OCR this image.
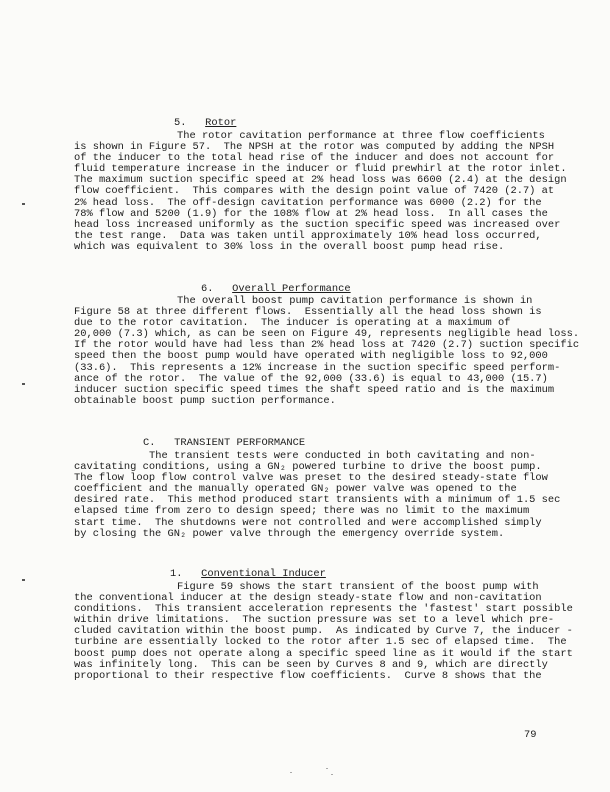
5. Rotor

The rotor cavitation performance at three flow coefficients
is shown in Figure 57.  The NPSH at the rotor was computed by adding the NPSH
of the inducer to the total head rise of the inducer and does not account for
fluid temperature increase in the inducer or fluid prewhirl at the rotor inlet.
The maximum suction specific speed at 2% head loss was 6600 (2.4) at the design
flow coefficient.  This compares with the design point value of 7420 (2.7) at
2% head loss.  The off-design cavitation performance was 6000 (2.2) for the
78% flow and 5200 (1.9) for the 108% flow at 2% head loss.  In all cases the
head loss increased uniformly as the suction specific speed was increased over
the test range.  Data was taken until approximately 10% head loss occurred,
which was equivalent to 30% loss in the overall boost pump head rise.

6. Overall Performance

The overall boost pump cavitation performance is shown in
Figure 58 at three different flows.  Essentially all the head loss shown is
due to the rotor cavitation.  The inducer is operating at a maximum of
20,000 (7.3) which, as can be seen on Figure 49, represents negligible head loss.
If the rotor would have had less than 2% head loss at 7420 (2.7) suction specific
speed then the boost pump would have operated with negligible loss to 92,000
(33.6).  This represents a 12% increase in the suction specific speed perform-
ance of the rotor.  The value of the 92,000 (33.6) is equal to 43,000 (15.7)
inducer suction specific speed times the shaft speed ratio and is the maximum
obtainable boost pump suction performance.

C. TRANSIENT PERFORMANCE

The transient tests were conducted in both cavitating and non-
cavitating conditions, using a GN₂ powered turbine to drive the boost pump.
The flow loop flow control valve was preset to the desired steady-state flow
coefficient and the manually operated GN₂ power valve was opened to the
desired rate.  This method produced start transients with a minimum of 1.5 sec
elapsed time from zero to design speed; there was no limit to the maximum
start time.  The shutdowns were not controlled and were accomplished simply
by closing the GN₂ power valve through the emergency override system.

1. Conventional Inducer

Figure 59 shows the start transient of the boost pump with
the conventional inducer at the design steady-state flow and non-cavitation
conditions.  This transient acceleration represents the 'fastest' start possible
within drive limitations.  The suction pressure was set to a level which pre-
cluded cavitation within the boost pump.  As indicated by Curve 7, the inducer -
turbine are essentially locked to the rotor after 1.5 sec of elapsed time.  The
boost pump does not operate along a specific speed line as it would if the start
was infinitely long.  This can be seen by Curves 8 and 9, which are directly
proportional to their respective flow coefficients.  Curve 8 shows that the
79
